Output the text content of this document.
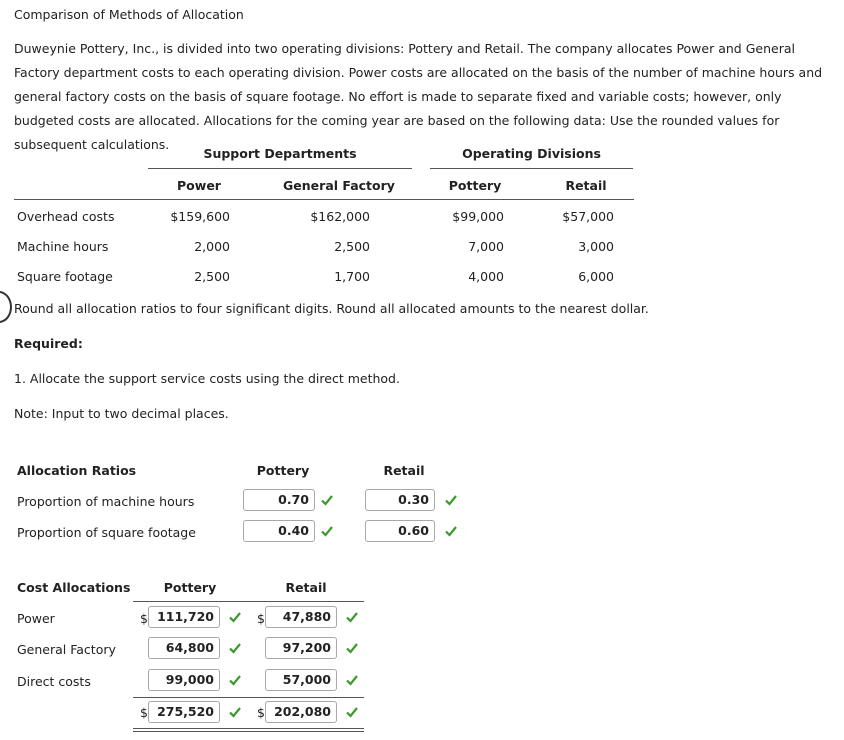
Comparison of Methods of Allocation
Duweynie Pottery, Inc., is divided into two operating divisions: Pottery and Retail. The company allocates Power and General Factory department costs to each operating division. Power costs are allocated on the basis of the number of machine hours and general factory costs on the basis of square footage. No effort is made to separate fixed and variable costs; however, only budgeted costs are allocated. Allocations for the coming year are based on the following data: Use the rounded values for subsequent calculations.
Support Departments	Operating Divisions
Power	General Factory	Pottery	Retail
Overhead costs	$159,600	$162,000	$99,000	$57,000
Machine hours	2,000	2,500	7,000	3,000
Square footage	2,500	1,700	4,000	6,000
Round all allocation ratios to four significant digits. Round all allocated amounts to the nearest dollar.
Required:
1. Allocate the support service costs using the direct method.
Note: Input to two decimal places.
Allocation Ratios	Pottery	Retail
Proportion of machine hours	0.70	0.30
Proportion of square footage	0.40	0.60
Cost Allocations	Pottery	Retail
Power	$ 111,720	$	47,880
General Factory	64,800	97,200
Direct costs	99,000	57,000
$ 275,520	$ 202,080
